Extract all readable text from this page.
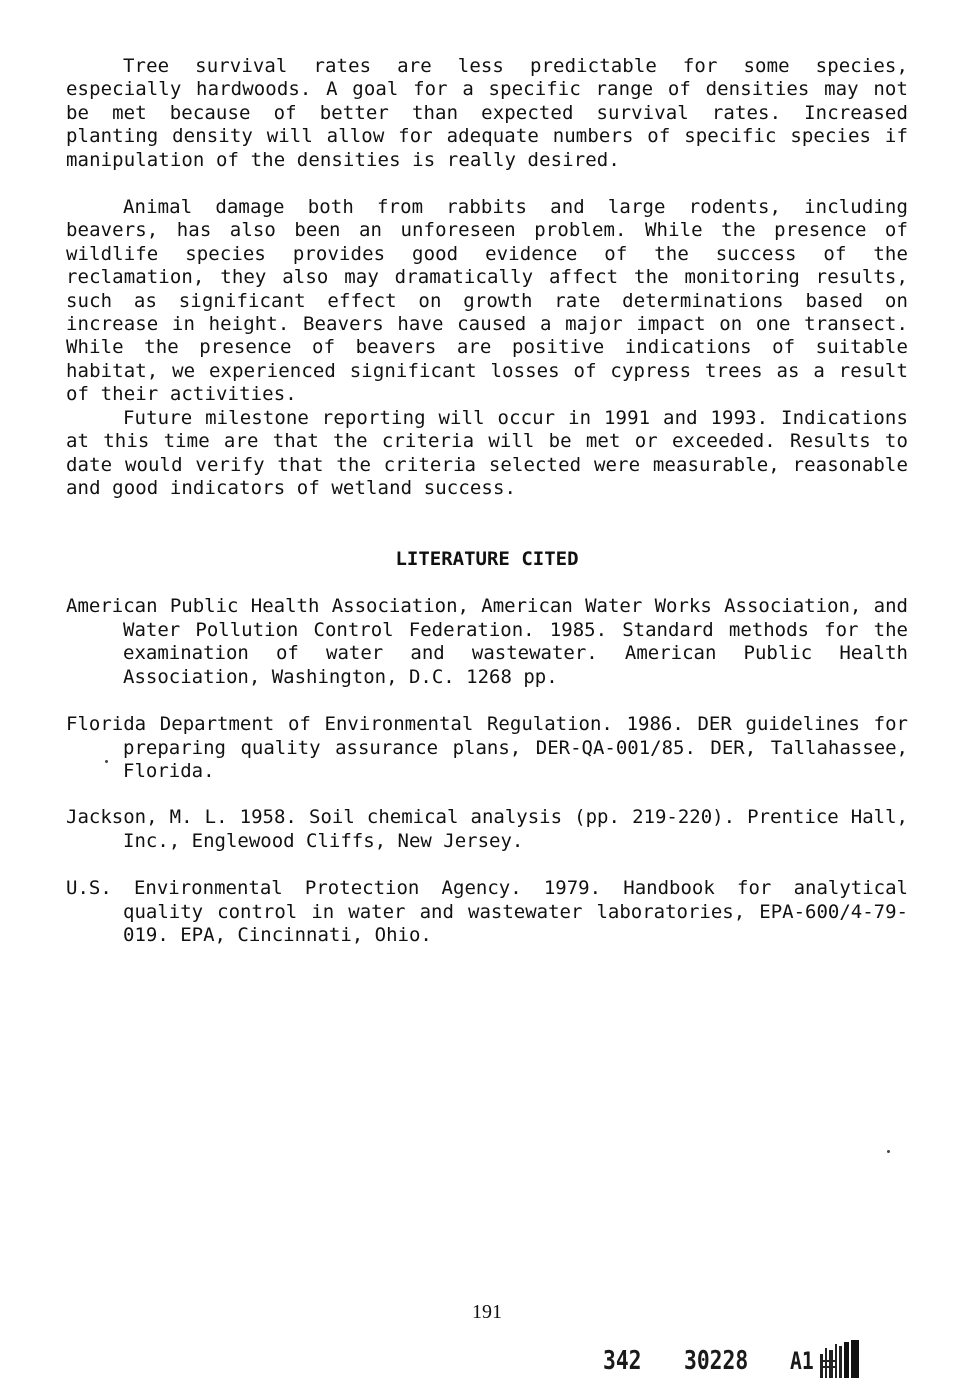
Tree survival rates are less predictable for some species, especially hardwoods. A goal for a specific range of densities may not be met because of better than expected survival rates. Increased planting density will allow for adequate numbers of specific species if manipulation of the densities is really desired.

Animal damage both from rabbits and large rodents, including beavers, has also been an unforeseen problem. While the presence of wildlife species provides good evidence of the success of the reclamation, they also may dramatically affect the monitoring results, such as significant effect on growth rate determinations based on increase in height. Beavers have caused a major impact on one transect. While the presence of beavers are positive indications of suitable habitat, we experienced significant losses of cypress trees as a result of their activities.

Future milestone reporting will occur in 1991 and 1993. Indications at this time are that the criteria will be met or exceeded. Results to date would verify that the criteria selected were measurable, reasonable and good indicators of wetland success.

LITERATURE CITED

American Public Health Association, American Water Works Association, and Water Pollution Control Federation. 1985. Standard methods for the examination of water and wastewater. American Public Health Association, Washington, D.C. 1268 pp.

Florida Department of Environmental Regulation. 1986. DER guidelines for preparing quality assurance plans, DER-QA-001/85. DER, Tallahassee, Florida.

Jackson, M. L. 1958. Soil chemical analysis (pp. 219-220). Prentice Hall, Inc., Englewood Cliffs, New Jersey.

U.S. Environmental Protection Agency. 1979. Handbook for analytical quality control in water and wastewater laboratories, EPA-600/4-79-019. EPA, Cincinnati, Ohio.

191
342 30228 A1
